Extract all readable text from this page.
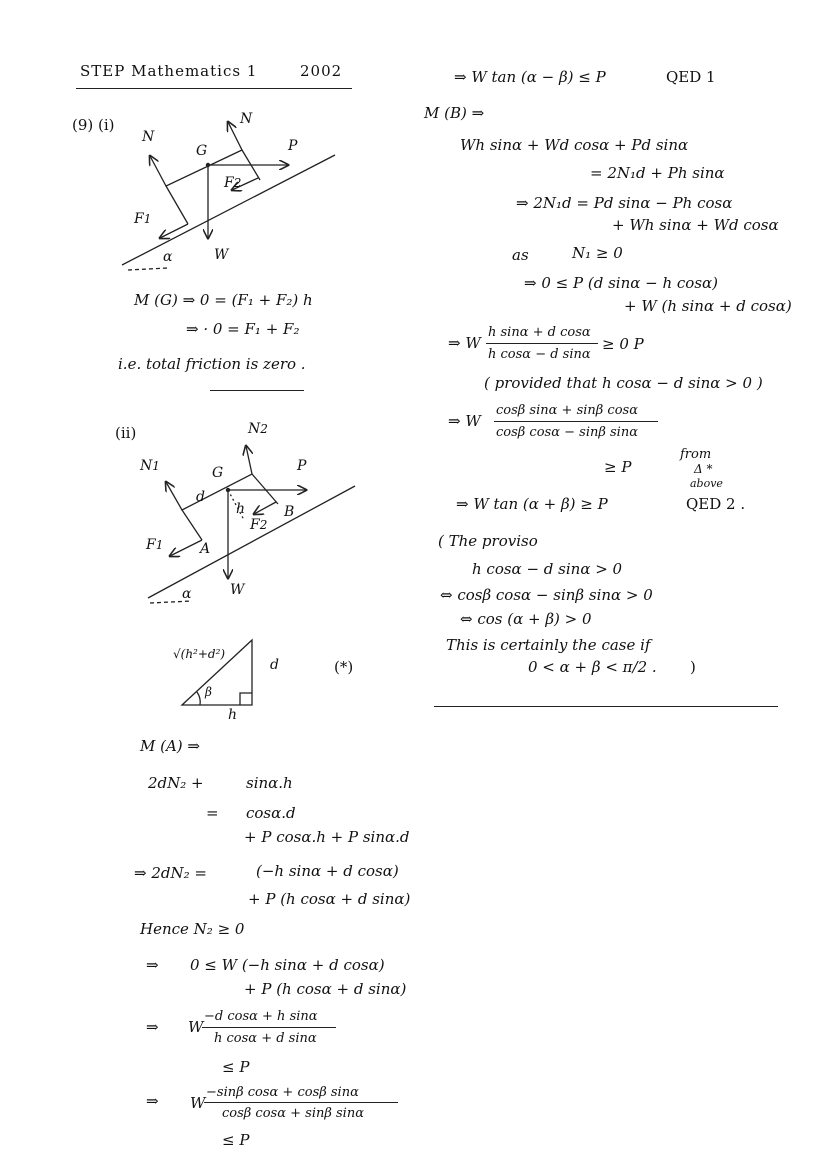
STEP Mathematics 1	2002
(9) (i)
N
N
G	P
F2
F1
W
α
M (G) ⇒ 0 = (F₁ + F₂) h
⇒ · 0 = F₁ + F₂
i.e. total friction is zero .
(ii)
N1
N2
G	P
d
h	B
F2
F1	A
W
α
√(h²+d²)
d
h
β
(*)
M (A) ⇒
2dN₂ +	sinα.h
= cosα.d
+ P cosα.h + P sinα.d
⇒ 2dN₂ =	(−h sinα + d cosα)
+ P (h cosα + d sinα)
Hence N₂ ≥ 0
⇒ 0 ≤ W (−h sinα + d cosα)
+ P (h cosα + d sinα)
⇒ W
−d cosα + h sinα
h cosα + d sinα
≤ P
⇒ W
−sinβ cosα + cosβ sinα
cosβ cosα + sinβ sinα
≤ P
⇒ W tan (α − β) ≤ P	QED 1
M (B) ⇒
Wh sinα + Wd cosα + Pd sinα
= 2N₁d + Ph sinα
⇒ 2N₁d = Pd sinα − Ph cosα
+ Wh sinα + Wd cosα
as	N₁ ≥ 0
⇒ 0 ≤ P (d sinα − h cosα)
+ W (h sinα + d cosα)
⇒ W
h sinα + d cosα
h cosα − d sinα
≥ 0 P
( provided that h cosα − d sinα > 0 )
⇒ W
cosβ sinα + sinβ cosα
cosβ cosα − sinβ sinα
≥ P
from
Δ *
above
⇒ W tan (α + β) ≥ P	QED 2 .
( The proviso
h cosα − d sinα > 0
⇔ cosβ cosα − sinβ sinα > 0
⇔ cos (α + β) > 0
This is certainly the case if
0 < α + β < π/2 . )
